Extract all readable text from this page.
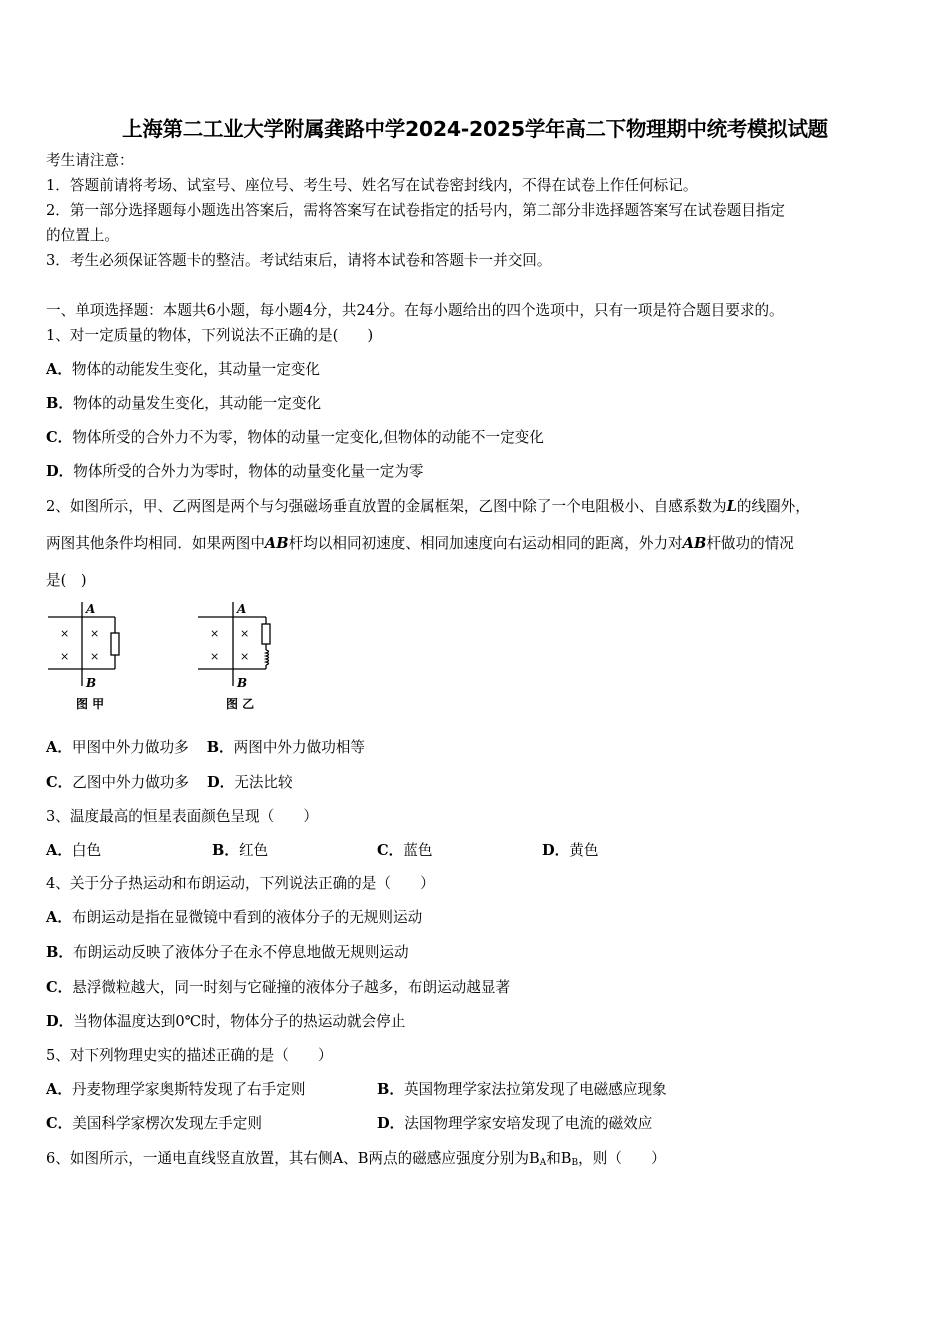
上海第二工业大学附属龚路中学2024-2025学年高二下物理期中统考模拟试题
考生请注意：
1．答题前请将考场、试室号、座位号、考生号、姓名写在试卷密封线内，不得在试卷上作任何标记。
2．第一部分选择题每小题选出答案后，需将答案写在试卷指定的括号内，第二部分非选择题答案写在试卷题目指定
的位置上。
3．考生必须保证答题卡的整洁。考试结束后，请将本试卷和答题卡一并交回。
一、单项选择题：本题共6小题，每小题4分，共24分。在每小题给出的四个选项中，只有一项是符合题目要求的。
1、对一定质量的物体，下列说法不正确的是(　　)
A．物体的动能发生变化，其动量一定变化
B．物体的动量发生变化，其动能一定变化
C．物体所受的合外力不为零，物体的动量一定变化,但物体的动能不一定变化
D．物体所受的合外力为零时，物体的动量变化量一定为零
2、如图所示，甲、乙两图是两个与匀强磁场垂直放置的金属框架，乙图中除了一个电阻极小、自感系数为L的线圈外，
两图其他条件均相同．如果两图中AB杆均以相同初速度、相同加速度向右运动相同的距离，外力对AB杆做功的情况
是(　)
× ×
× ×
A
B
图 甲
× ×
× ×
A
B
图 乙
A．甲图中外力做功多 B．两图中外力做功相等
C．乙图中外力做功多 D．无法比较
3、温度最高的恒星表面颜色呈现（　　）
A．白色	B．红色	C．蓝色	D．黄色
4、关于分子热运动和布朗运动，下列说法正确的是（　　）
A．布朗运动是指在显微镜中看到的液体分子的无规则运动
B．布朗运动反映了液体分子在永不停息地做无规则运动
C．悬浮微粒越大，同一时刻与它碰撞的液体分子越多，布朗运动越显著
D．当物体温度达到0℃时，物体分子的热运动就会停止
5、对下列物理史实的描述正确的是（　　）
A．丹麦物理学家奥斯特发现了右手定则	B．英国物理学家法拉第发现了电磁感应现象
C．美国科学家楞次发现左手定则	D．法国物理学家安培发现了电流的磁效应
6、如图所示，一通电直线竖直放置，其右侧A、B两点的磁感应强度分别为$B_A$和$B_B$，则（　　）
